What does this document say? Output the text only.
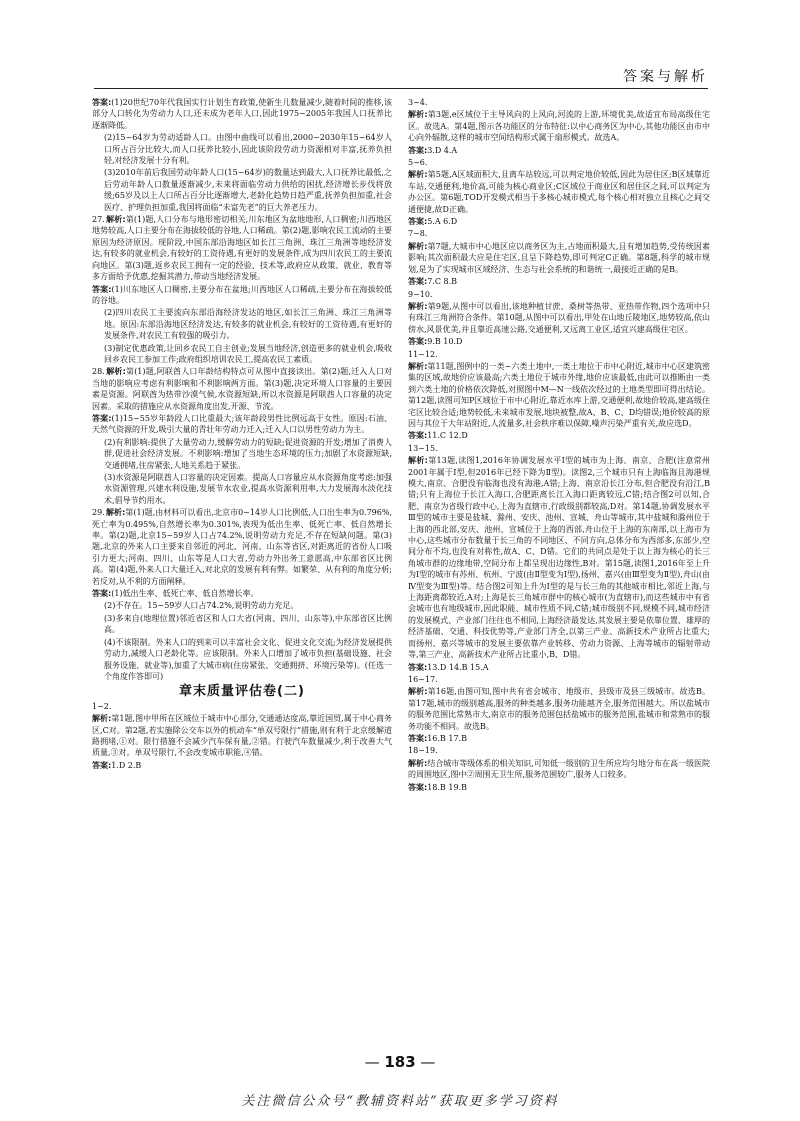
答案与解析

答案:(1)20世纪70年代我国实行计划生育政策,使新生儿数量减少,随着时间的推移,该部分人口转化为劳动力人口,还未成为老年人口,因此1975~2005年我国人口抚养比逐渐降低。

(2)15~64岁为劳动适龄人口。由图中曲线可以看出,2000~2030年15~64岁人口所占百分比较大,而人口抚养比较小,因此该阶段劳动力资源相对丰富,抚养负担轻,对经济发展十分有利。

(3)2010年前后我国劳动年龄人口(15~64岁)的数量达到最大,人口抚养比最低,之后劳动年龄人口数量逐渐减少,未来将面临劳动力供给的困扰,经济增长步伐将放缓;65岁及以上人口所占百分比逐渐增大,老龄化趋势日趋严重,抚养负担加重,社会医疗、护理负担加重,我国将面临“未富先老”的巨大养老压力。

27.解析:第(1)题,人口分布与地形密切相关,川东地区为盆地地形,人口稠密;川西地区地势较高,人口主要分布在海拔较低的谷地,人口稀疏。第(2)题,影响农民工流动的主要原因为经济原因。现阶段,中国东部沿海地区如长江三角洲、珠江三角洲等地经济发达,有较多的就业机会,有较好的工资待遇,有更好的发展条件,成为四川农民工的主要流向地区。第(3)题,返乡农民工拥有一定的经验、技术等,政府应从政策、就业、教育等多方面给予优惠,挖掘其潜力,带动当地经济发展。

答案:(1)川东地区人口稠密,主要分布在盆地;川西地区人口稀疏,主要分布在海拔较低的谷地。

(2)四川农民工主要流向东部沿海经济发达的地区,如长江三角洲、珠江三角洲等地。原因:东部沿海地区经济发达,有较多的就业机会,有较好的工资待遇,有更好的发展条件,对农民工有较强的吸引力。

(3)制定优惠政策,让回乡农民工自主创业;发展当地经济,创造更多的就业机会,吸收回乡农民工参加工作;政府组织培训农民工,提高农民工素质。

28.解析:第(1)题,阿联酋人口年龄结构特点可从图中直接读出。第(2)题,迁入人口对当地的影响应考虑有利影响和不利影响两方面。第(3)题,决定环境人口容量的主要因素是资源。阿联酋为热带沙漠气候,水资源短缺,所以水资源是阿联酋人口容量的决定因素。采取的措施应从水资源角度出发,开源、节流。

答案:(1)15~55岁年龄段人口比重最大;该年龄段男性比例远高于女性。原因:石油、天然气资源的开发,吸引大量的青壮年劳动力迁入;迁入人口以男性劳动力为主。

(2)有利影响:提供了大量劳动力,缓解劳动力的短缺;促进资源的开发;增加了消费人群,促进社会经济发展。不利影响:增加了当地生态环境的压力;加剧了水资源短缺,交通拥堵,住房紧张,人地关系趋于紧张。

(3)水资源是阿联酋人口容量的决定因素。提高人口容量应从水资源角度考虑:加强水资源管理,兴建水利设施,发展节水农业,提高水资源利用率,大力发展海水淡化技术,倡导节约用水。

29.解析:第(1)题,由材料可以看出,北京市0~14岁人口比例低,人口出生率为0.796%,死亡率为0.495%,自然增长率为0.301%,表现为低出生率、低死亡率、低自然增长率。第(2)题,北京15~59岁人口占74.2%,说明劳动力充足,不存在短缺问题。第(3)题,北京的外来人口主要来自邻近的河北、河南、山东等省区,对距离近的省份人口吸引力更大;河南、四川、山东等是人口大省,劳动力外出务工意愿高,中东部省区比例高。第(4)题,外来人口大量迁入,对北京的发展有利有弊。如繁荣、从有利的角度分析;若反对,从不利的方面阐释。

答案:(1)低出生率、低死亡率、低自然增长率。

(2)不存在。15~59岁人口占74.2%,说明劳动力充足。

(3)多来自(地理位置)邻近省区和人口大省(河南、四川、山东等),中东部省区比例高。

(4)不该限制。外来人口的到来可以丰富社会文化、促进文化交流;为经济发展提供劳动力,减缓人口老龄化等。应该限制。外来人口增加了城市负担(基础设施、社会服务设施、就业等),加重了大城市病(住房紧张、交通拥挤、环境污染等)。(任选一个角度作答即可)

章末质量评估卷(二)

1~2.

解析:第1题,图中甲所在区域位于城市中心部分,交通通达度高,靠近国贸,属于中心商务区,C对。第2题,若实施除公交车以外的机动车“单双号限行”措施,则有利于北京缓解道路拥堵,①对。限行措施不会减少汽车保有量,②错。行驶汽车数量减少,利于改善大气质量,③对。单双号限行,不会改变城市职能,④错。

答案:1.D 2.B

3~4.

解析:第3题,e区域位于主导风向的上风向,河流的上游,环境优美,故适宜布局高级住宅区。故选A。第4题,图示各功能区的分布特征:以中心商务区为中心,其他功能区由市中心向外辐散,这样的城市空间结构形式属于扇形模式。故选A。

答案:3.D 4.A

5~6.

解析:第5题,A区域面积大,且离车站较远,可以判定地价较低,因此为居住区;B区域靠近车站,交通便利,地价高,可能为核心商业区;C区域位于商业区和居住区之间,可以判定为办公区。第6题,TOD开发模式相当于多核心城市模式,每个核心相对独立且核心之间交通便捷,故D正确。

答案:5.A 6.D

7~8.

解析:第7题,大城市中心地区应以商务区为主,占地面积最大,且有增加趋势,受传统因素影响;其次面积最大应是住宅区,且呈下降趋势,即可判定C正确。第8题,科学的城市规划,是为了实现城市区域经济、生态与社会系统的和谐统一,最接近正确的是B。

答案:7.C 8.B

9~10.

解析:第9题,从图中可以看出,该地种植甘蔗、桑树等热带、亚热带作物,四个选项中只有珠江三角洲符合条件。第10题,从图中可以看出,甲处在山地丘陵地区,地势较高,依山傍水,风景优美,并且靠近高速公路,交通便利,又远离工业区,适宜兴建高级住宅区。

答案:9.B 10.D

11~12.

解析:第11题,图例中的一类~六类土地中,一类土地位于市中心附近,城市中心区建筑密集的区域,故地价应该最高;六类土地位于城市外缘,地价应该最低,由此可以推断由一类到六类土地的价格依次降低,对照图中M—N一线依次经过的土地类型即可得出结论。第12题,读图可知P区域位于市中心附近,靠近水库上游,交通便利,故地价较高,建高级住宅区比较合适;地势较低,未来城市发展,地块被整,故A、B、C、D均错误;地价较高的原因与其位于大年站附近,人流量多,社会秩序难以保障,噪声污染严重有关,故应选D。

答案:11.C 12.D

13~15.

解析:第13题,读图1,2016年协调发展水平Ⅰ型的城市为上海、南京、合肥(注意常州2001年属于Ⅰ型,但2016年已经下降为Ⅱ型)。读图2,三个城市只有上海临海且海港规模大,南京、合肥没有临海也没有海港,A错;上海、南京沿长江分布,但合肥没有沿江,B错;只有上海位于长江入海口,合肥距离长江入海口距离较远,C错;结合图2可以知,合肥、南京为省级行政中心,上海为直辖市,行政级别都较高,D对。第14题,协调发展水平Ⅲ型的城市主要是盐城、滁州、安庆、池州、宣城、舟山等城市,其中盐城和滁州位于上海的西北部,安庆、池州、宣城位于上海的西部,舟山位于上海的东南部,以上海市为中心,这些城市分布数量于长三角的不同地区、不同方向,总体分布为西部多,东部少,空间分布不均,也没有对称性,故A、C、D错。它们的共同点是处于以上海为核心的长三角城市群的边缘地带,空间分布上都呈现出边缘性,B对。第15题,读图1,2016年至上升为Ⅰ型的城市有苏州、杭州、宁波(由Ⅱ型变为Ⅰ型),扬州、嘉兴(由Ⅲ型变为Ⅱ型),舟山(由Ⅳ型变为Ⅲ型)等。结合图2可知上升为Ⅰ型的是与长三角的其他城市相比,邻近上海,与上海距离都较近,A对;上海是长三角城市群中的核心城市(为直辖市),而这些城市中有省会城市也有地级城市,因此职能、城市性质不同,C错;城市级别不同,规模不同,城市经济的发展模式、产业部门往往也不相同,上海经济最发达,其发展主要是依靠位置、雄厚的经济基础、交通、科技优势等,产业部门齐全,以第三产业、高新技术产业所占比重大;而扬州、嘉兴等城市的发展主要依靠产业转移、劳动力资源、上海等城市的辐射带动等,第三产业、高新技术产业所占比重小,B、D错。

答案:13.D 14.B 15.A

16~17.

解析:第16题,由图可知,图中共有省会城市、地级市、县级市及县三级城市。故选B。第17题,城市的级别越高,服务的种类越多,服务功能越齐全,服务范围越大。所以盐城市的服务范围比常熟市大,南京市的服务范围包括盐城市的服务范围,盐城市和常熟市的服务功能不相同。故选B。

答案:16.B 17.B

18~19.

解析:结合城市等级体系的相关知识,可知低一级别的卫生所应均匀地分布在高一级医院的周围地区,图中②周围无卫生所,服务范围较广,服务人口较多。

答案:18.B 19.B

— 183 —
关注微信公众号“教辅资料站”获取更多学习资料
